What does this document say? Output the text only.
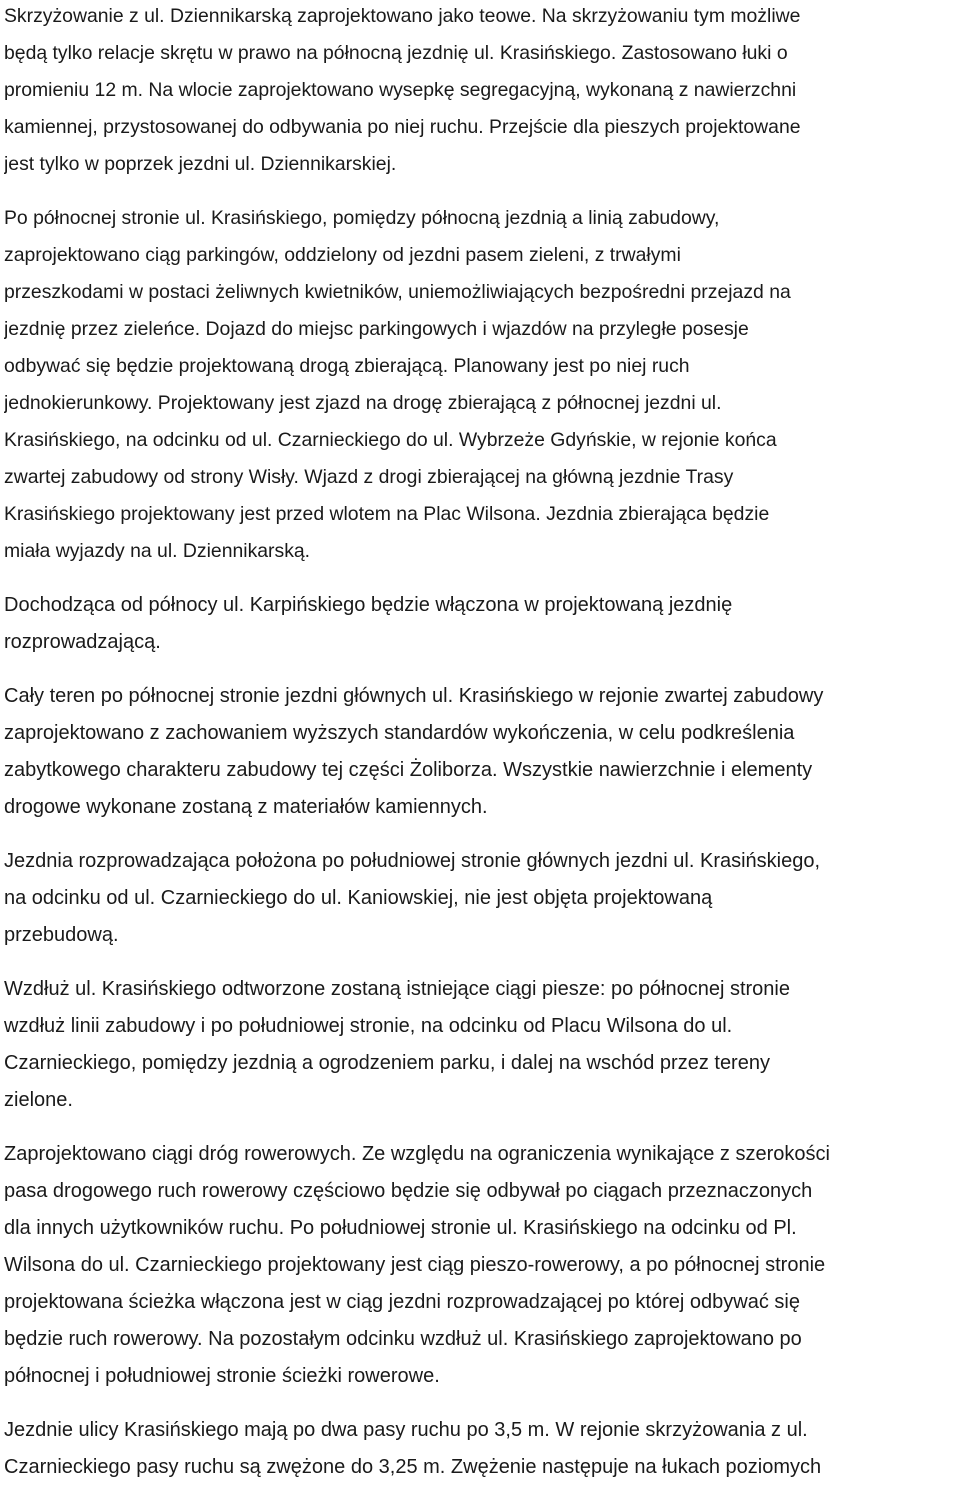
Skrzyżowanie z ul. Dziennikarską zaprojektowano jako teowe. Na skrzyżowaniu tym możliwe
będą tylko relacje skrętu w prawo na północną jezdnię ul. Krasińskiego. Zastosowano łuki o
promieniu 12 m. Na wlocie zaprojektowano wysepkę segregacyjną, wykonaną z nawierzchni
kamiennej, przystosowanej do odbywania po niej ruchu. Przejście dla pieszych projektowane
jest tylko w poprzek jezdni ul. Dziennikarskiej.

Po północnej stronie ul. Krasińskiego, pomiędzy północną jezdnią a linią zabudowy,
zaprojektowano ciąg parkingów, oddzielony od jezdni pasem zieleni, z trwałymi
przeszkodami w postaci żeliwnych kwietników, uniemożliwiających bezpośredni przejazd na
jezdnię przez zieleńce. Dojazd do miejsc parkingowych i wjazdów na przyległe posesje
odbywać się będzie projektowaną drogą zbierającą. Planowany jest po niej ruch
jednokierunkowy. Projektowany jest zjazd na drogę zbierającą z północnej jezdni ul.
Krasińskiego, na odcinku od ul. Czarnieckiego do ul. Wybrzeże Gdyńskie, w rejonie końca
zwartej zabudowy od strony Wisły. Wjazd z drogi zbierającej na główną jezdnie Trasy
Krasińskiego projektowany jest przed wlotem na Plac Wilsona. Jezdnia zbierająca będzie
miała wyjazdy na ul. Dziennikarską.

Dochodząca od północy ul. Karpińskiego będzie włączona w projektowaną jezdnię
rozprowadzającą.

Cały teren po północnej stronie jezdni głównych ul. Krasińskiego w rejonie zwartej zabudowy
zaprojektowano z zachowaniem wyższych standardów wykończenia, w celu podkreślenia
zabytkowego charakteru zabudowy tej części Żoliborza. Wszystkie nawierzchnie i elementy
drogowe wykonane zostaną z materiałów kamiennych.

Jezdnia rozprowadzająca położona po południowej stronie głównych jezdni ul. Krasińskiego,
na odcinku od ul. Czarnieckiego do ul. Kaniowskiej, nie jest objęta projektowaną
przebudową.

Wzdłuż ul. Krasińskiego odtworzone zostaną istniejące ciągi piesze: po północnej stronie
wzdłuż linii zabudowy i po południowej stronie, na odcinku od Placu Wilsona do ul.
Czarnieckiego, pomiędzy jezdnią a ogrodzeniem parku, i dalej na wschód przez tereny
zielone.

Zaprojektowano ciągi dróg rowerowych. Ze względu na ograniczenia wynikające z szerokości
pasa drogowego ruch rowerowy częściowo będzie się odbywał po ciągach przeznaczonych
dla innych użytkowników ruchu. Po południowej stronie ul. Krasińskiego na odcinku od Pl.
Wilsona do ul. Czarnieckiego projektowany jest ciąg pieszo-rowerowy, a po północnej stronie
projektowana ścieżka włączona jest w ciąg jezdni rozprowadzającej po której odbywać się
będzie ruch rowerowy. Na pozostałym odcinku wzdłuż ul. Krasińskiego zaprojektowano po
północnej i południowej stronie ścieżki rowerowe.

Jezdnie ulicy Krasińskiego mają po dwa pasy ruchu po 3,5 m. W rejonie skrzyżowania z ul.
Czarnieckiego pasy ruchu są zwężone do 3,25 m. Zwężenie następuje na łukach poziomych
